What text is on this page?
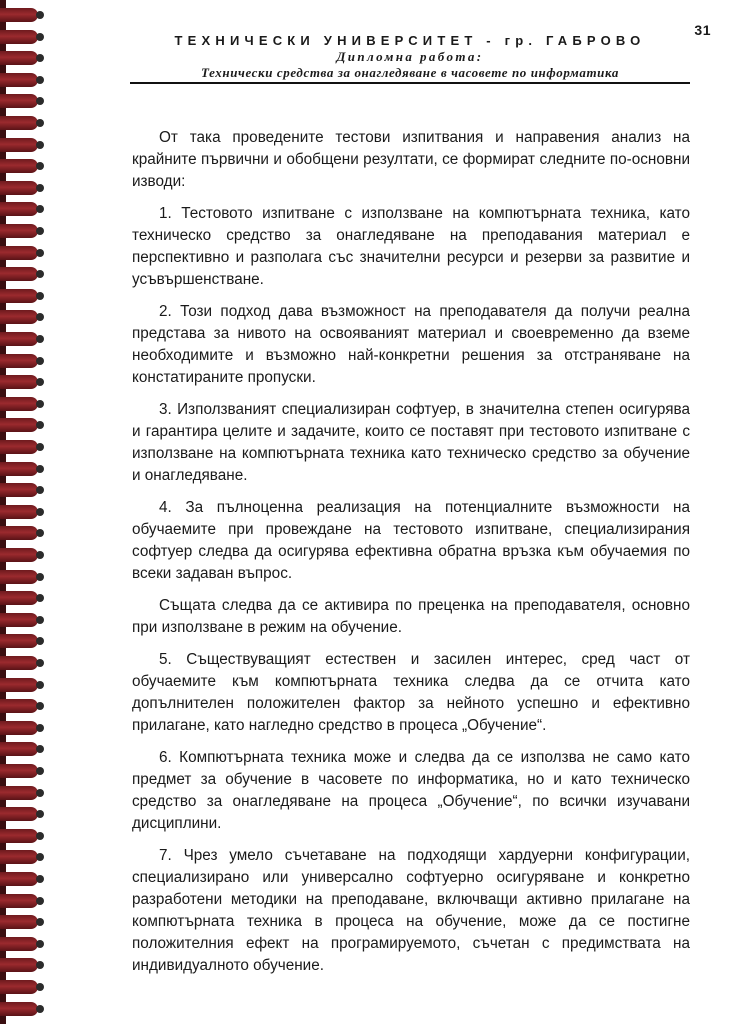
31
ТЕХНИЧЕСКИ УНИВЕРСИТЕТ - гр. ГАБРОВО
Дипломна работа:
Технически средства за онагледяване в часовете по информатика

От така проведените тестови изпитвания и направения анализ на крайните първични и обобщени резултати, се формират следните по-основни изводи:

1. Тестовото изпитване с използване на компютърната техника, като техническо средство за онагледяване на преподавания материал е перспективно и разполага със значителни ресурси и резерви за развитие и усъвършенстване.

2. Този подход дава възможност на преподавателя да получи реална представа за нивото на освояваният материал и своевременно да вземе необходимите и възможно най-конкретни решения за отстраняване на констатираните пропуски.

3. Използваният специализиран софтуер, в значителна степен осигурява и гарантира целите и задачите, които се поставят при тестовото изпитване с използване на компютърната техника като техническо средство за обучение и онагледяване.

4. За пълноценна реализация на потенциалните възможности на обучаемите при провеждане на тестовото изпитване, специализирания софтуер следва да осигурява ефективна обратна връзка към обучаемия по всеки задаван въпрос.

Същата следва да се активира по преценка на преподавателя, основно при използване в режим на обучение.

5. Съществуващият естествен и засилен интерес, сред част от обучаемите към компютърната техника следва да се отчита като допълнителен положителен фактор за нейното успешно и ефективно прилагане, като нагледно средство в процеса „Обучение“.

6. Компютърната техника може и следва да се използва не само като предмет за обучение в часовете по информатика, но и като техническо средство за онагледяване на процеса „Обучение“, по всички изучавани дисциплини.

7. Чрез умело съчетаване на подходящи хардуерни конфигурации, специализирано или универсално софтуерно осигуряване и конкретно разработени методики на преподаване, включващи активно прилагане на компютърната техника в процеса на обучение, може да се постигне положителния ефект на програмируемото, съчетан с предимствата на индивидуалното обучение.
